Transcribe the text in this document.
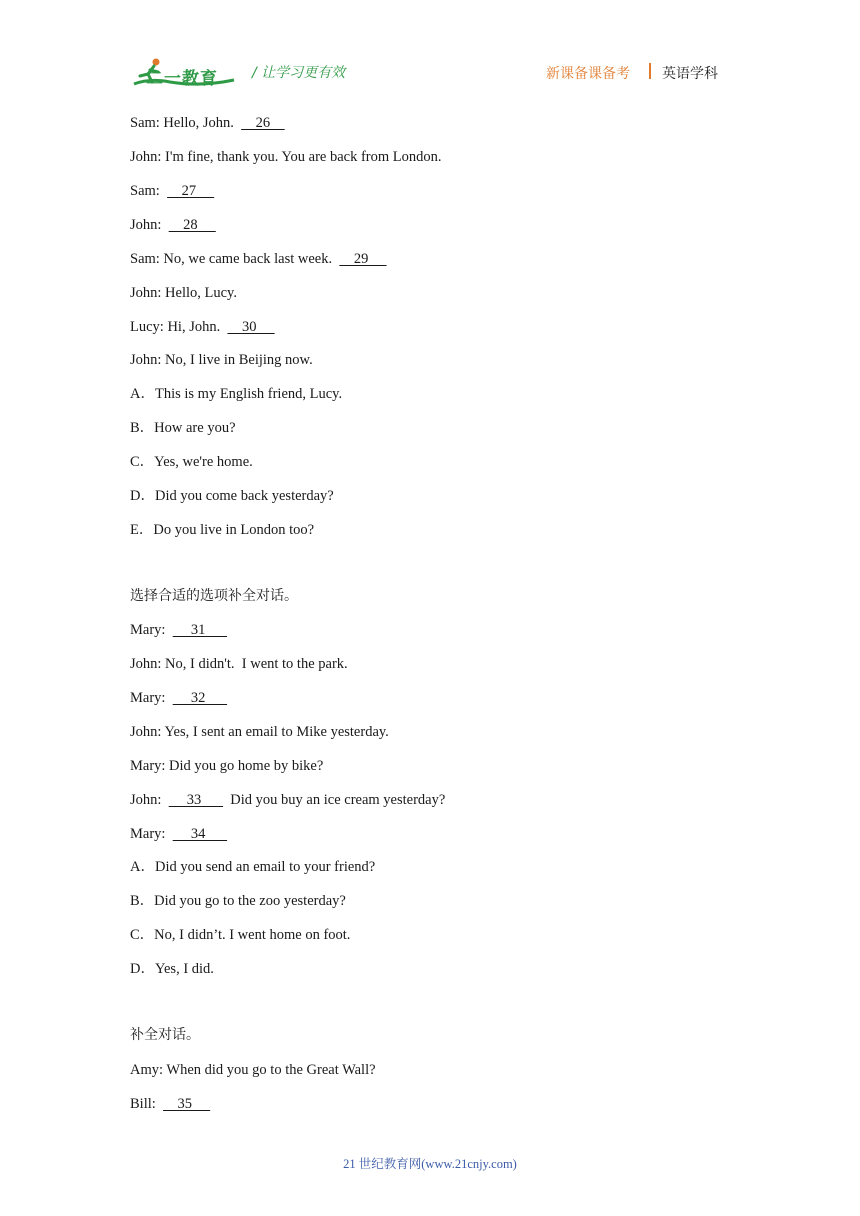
二一教育 / 让学习更有效	新课备课备考 英语学科
Sam: Hello, John.      26
John: I'm fine, thank you. You are back from London.
Sam:      27
John:      28
Sam: No, we came back last week.      29
John: Hello, Lucy.
Lucy: Hi, John.      30
John: No, I live in Beijing now.
A．This is my English friend, Lucy.
B．How are you?
C．Yes, we're home.
D．Did you come back yesterday?
E．Do you live in London too?
选择合适的选项补全对话。
Mary:       31
John: No, I didn't.  I went to the park.
Mary:       32
John: Yes, I sent an email to Mike yesterday.
Mary: Did you go home by bike?
John:       33        Did you buy an ice cream yesterday?
Mary:       34
A．Did you send an email to your friend?
B．Did you go to the zoo yesterday?
C．No, I didn’t. I went home on foot.
D．Yes, I did.
补全对话。
Amy: When did you go to the Great Wall?
Bill:      35
21 世纪教育网(www.21cnjy.com)
